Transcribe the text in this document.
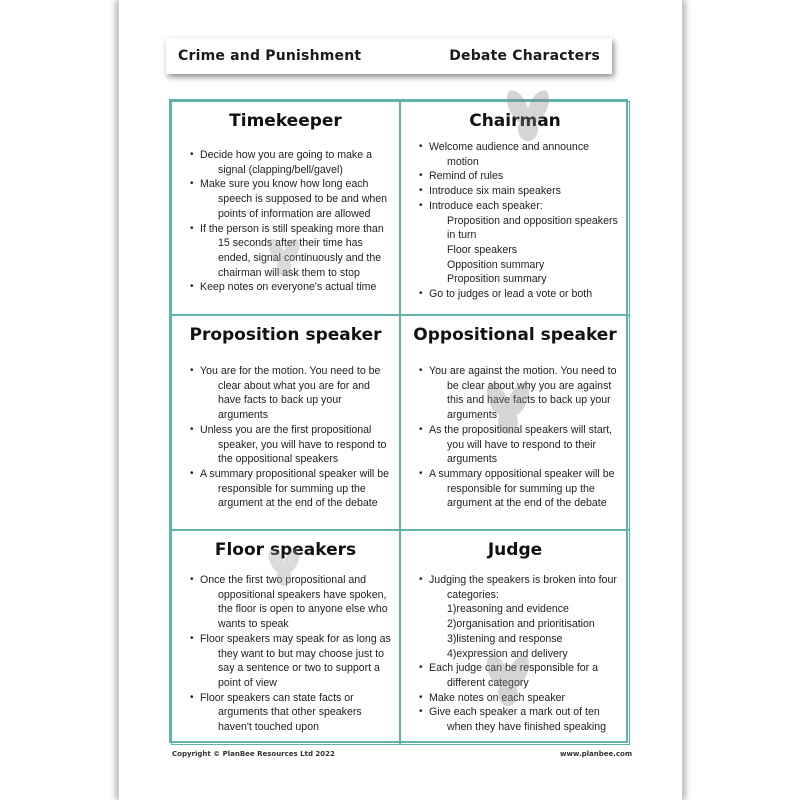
Crime and Punishment	Debate Characters
Timekeeper
• Decide how you are going to make a
signal (clapping/bell/gavel)
• Make sure you know how long each
speech is supposed to be and when
points of information are allowed
• If the person is still speaking more than
15 seconds after their time has
ended, signal continuously and the
chairman will ask them to stop
• Keep notes on everyone's actual time
Chairman
• Welcome audience and announce
motion
• Remind of rules
• Introduce six main speakers
• Introduce each speaker:
Proposition and opposition speakers
in turn
Floor speakers
Opposition summary
Proposition summary
• Go to judges or lead a vote or both
Proposition speaker
• You are for the motion. You need to be
clear about what you are for and
have facts to back up your
arguments
• Unless you are the first propositional
speaker, you will have to respond to
the oppositional speakers
• A summary propositional speaker will be
responsible for summing up the
argument at the end of the debate
Oppositional speaker
• You are against the motion. You need to
be clear about why you are against
this and have facts to back up your
arguments
• As the propositional speakers will start,
you will have to respond to their
arguments
• A summary oppositional speaker will be
responsible for summing up the
argument at the end of the debate
Floor speakers
• Once the first two propositional and
oppositional speakers have spoken,
the floor is open to anyone else who
wants to speak
• Floor speakers may speak for as long as
they want to but may choose just to
say a sentence or two to support a
point of view
• Floor speakers can state facts or
arguments that other speakers
haven't touched upon
Judge
• Judging the speakers is broken into four
categories:
1)reasoning and evidence
2)organisation and prioritisation
3)listening and response
4)expression and delivery
• Each judge can be responsible for a
different category
• Make notes on each speaker
• Give each speaker a mark out of ten
when they have finished speaking
Copyright © PlanBee Resources Ltd 2022	www.planbee.com
